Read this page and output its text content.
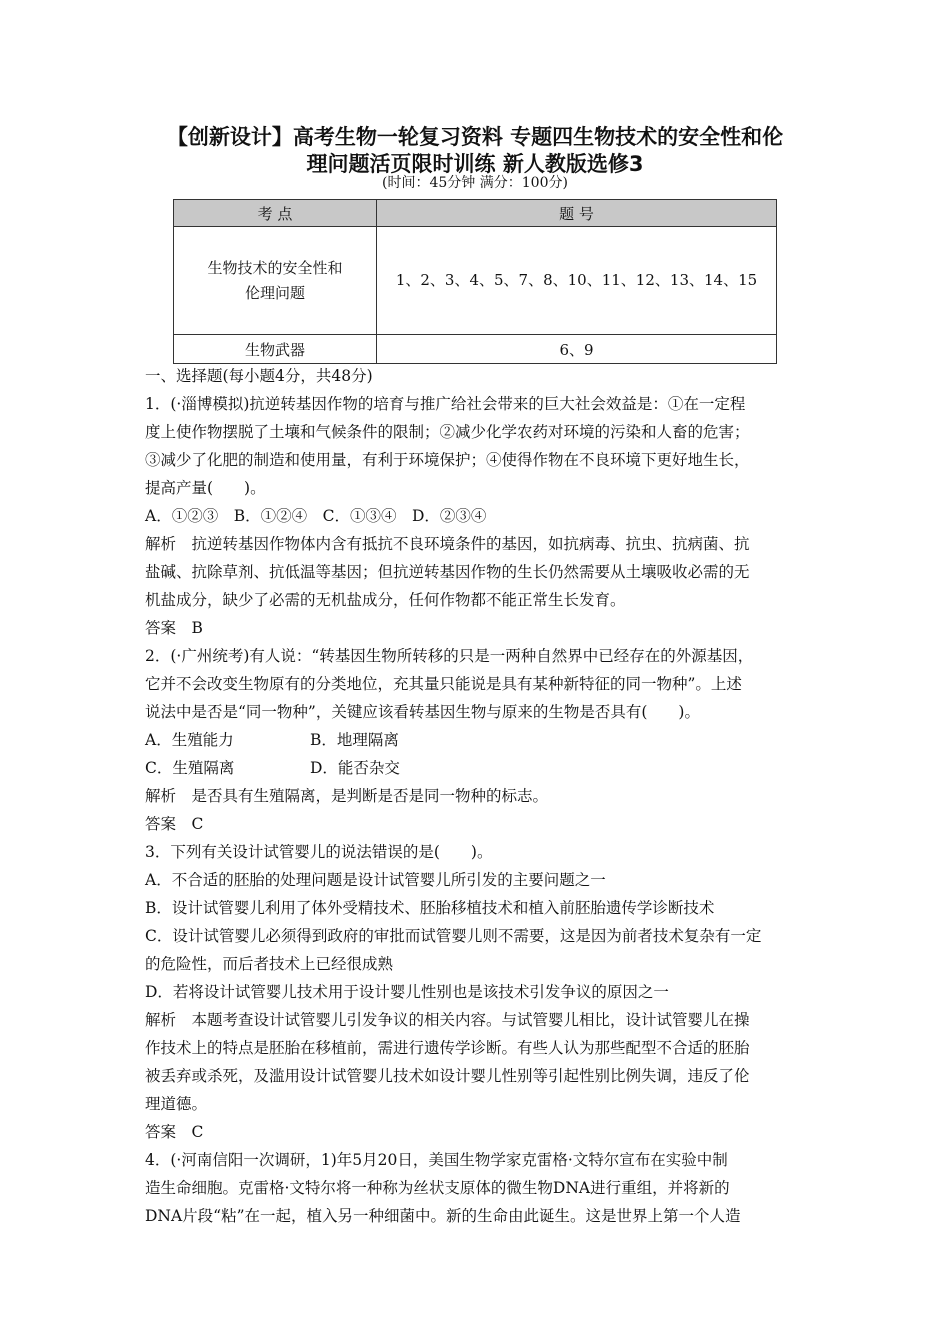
【创新设计】高考生物一轮复习资料 专题四生物技术的安全性和伦
理问题活页限时训练 新人教版选修3
(时间：45分钟 满分：100分)
考 点	题 号

生物技术的安全性和
伦理问题	1、2、3、4、5、7、8、10、11、12、13、14、15
生物武器	6、9

一、选择题(每小题4分，共48分)

1．(·淄博模拟)抗逆转基因作物的培育与推广给社会带来的巨大社会效益是：①在一定程

度上使作物摆脱了土壤和气候条件的限制；②减少化学农药对环境的污染和人畜的危害；

③减少了化肥的制造和使用量，有利于环境保护；④使得作物在不良环境下更好地生长，

提高产量(　　)。

A．①②③　B．①②④　C．①③④　D．②③④

解析　抗逆转基因作物体内含有抵抗不良环境条件的基因，如抗病毒、抗虫、抗病菌、抗

盐碱、抗除草剂、抗低温等基因；但抗逆转基因作物的生长仍然需要从土壤吸收必需的无

机盐成分，缺少了必需的无机盐成分，任何作物都不能正常生长发育。

答案　B

2．(·广州统考)有人说：“转基因生物所转移的只是一两种自然界中已经存在的外源基因，

它并不会改变生物原有的分类地位，充其量只能说是具有某种新特征的同一物种”。上述

说法中是否是“同一物种”，关键应该看转基因生物与原来的生物是否具有(　　)。

A．生殖能力	B．地理隔离

C．生殖隔离	D．能否杂交

解析　是否具有生殖隔离，是判断是否是同一物种的标志。

答案　C

3．下列有关设计试管婴儿的说法错误的是(　　)。

A．不合适的胚胎的处理问题是设计试管婴儿所引发的主要问题之一

B．设计试管婴儿利用了体外受精技术、胚胎移植技术和植入前胚胎遗传学诊断技术

C．设计试管婴儿必须得到政府的审批而试管婴儿则不需要，这是因为前者技术复杂有一定

的危险性，而后者技术上已经很成熟

D．若将设计试管婴儿技术用于设计婴儿性别也是该技术引发争议的原因之一

解析　本题考查设计试管婴儿引发争议的相关内容。与试管婴儿相比，设计试管婴儿在操

作技术上的特点是胚胎在移植前，需进行遗传学诊断。有些人认为那些配型不合适的胚胎

被丢弃或杀死，及滥用设计试管婴儿技术如设计婴儿性别等引起性别比例失调，违反了伦

理道德。

答案　C

4．(·河南信阳一次调研，1)年5月20日，美国生物学家克雷格·文特尔宣布在实验中制

造生命细胞。克雷格·文特尔将一种称为丝状支原体的微生物DNA进行重组，并将新的

DNA片段“粘”在一起，植入另一种细菌中。新的生命由此诞生。这是世界上第一个人造
